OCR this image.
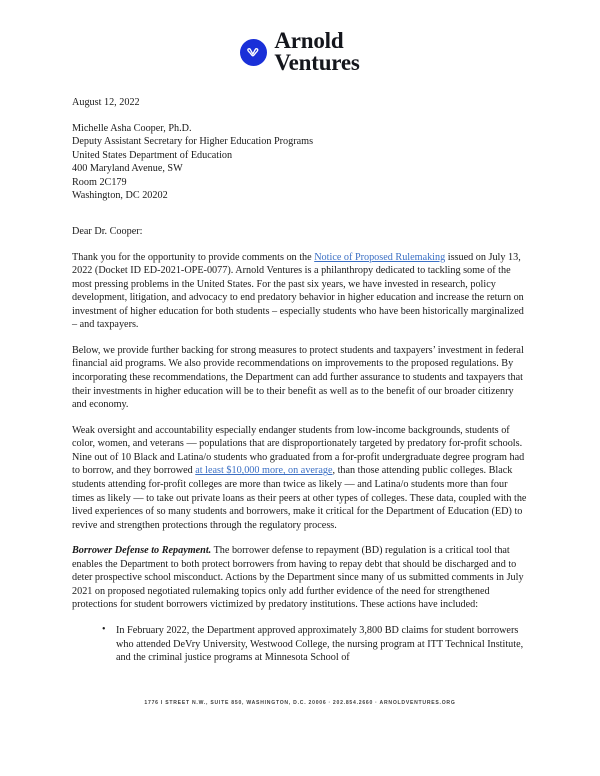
Arnold
Ventures

August 12, 2022

Michelle Asha Cooper, Ph.D.
Deputy Assistant Secretary for Higher Education Programs
United States Department of Education
400 Maryland Avenue, SW
Room 2C179
Washington, DC 20202

Dear Dr. Cooper:

Thank you for the opportunity to provide comments on the Notice of Proposed Rulemaking issued on July 13, 2022 (Docket ID ED-2021-OPE-0077). Arnold Ventures is a philanthropy dedicated to tackling some of the most pressing problems in the United States. For the past six years, we have invested in research, policy development, litigation, and advocacy to end predatory behavior in higher education and increase the return on investment of higher education for both students – especially students who have been historically marginalized – and taxpayers.

Below, we provide further backing for strong measures to protect students and taxpayers’ investment in federal financial aid programs. We also provide recommendations on improvements to the proposed regulations. By incorporating these recommendations, the Department can add further assurance to students and taxpayers that their investments in higher education will be to their benefit as well as to the benefit of our broader citizenry and economy.

Weak oversight and accountability especially endanger students from low-income backgrounds, students of color, women, and veterans — populations that are disproportionately targeted by predatory for-profit schools. Nine out of 10 Black and Latina/o students who graduated from a for-profit undergraduate degree program had to borrow, and they borrowed at least $10,000 more, on average, than those attending public colleges. Black students attending for-profit colleges are more than twice as likely — and Latina/o students more than four times as likely — to take out private loans as their peers at other types of colleges. These data, coupled with the lived experiences of so many students and borrowers, make it critical for the Department of Education (ED) to revive and strengthen protections through the regulatory process.

Borrower Defense to Repayment. The borrower defense to repayment (BD) regulation is a critical tool that enables the Department to both protect borrowers from having to repay debt that should be discharged and to deter prospective school misconduct. Actions by the Department since many of us submitted comments in July 2021 on proposed negotiated rulemaking topics only add further evidence of the need for strengthened protections for student borrowers victimized by predatory institutions. These actions have included:

• In February 2022, the Department approved approximately 3,800 BD claims for student borrowers who attended DeVry University, Westwood College, the nursing program at ITT Technical Institute, and the criminal justice programs at Minnesota School of
1776 I STREET N.W., SUITE 850, WASHINGTON, D.C. 20006 · 202.854.2660 · ARNOLDVENTURES.ORG
